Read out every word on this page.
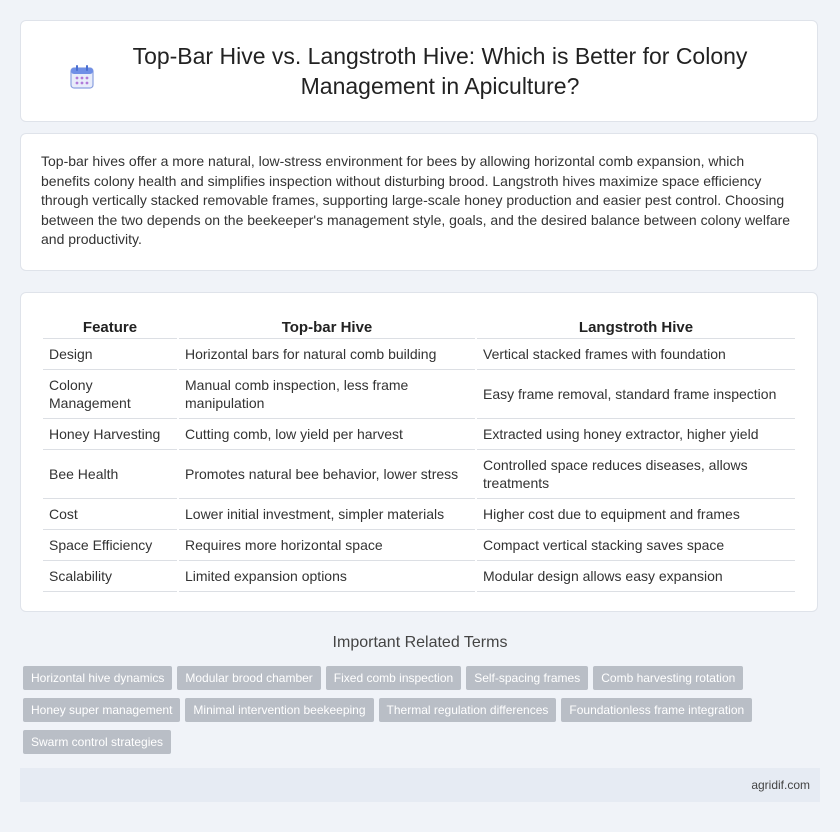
Top-Bar Hive vs. Langstroth Hive: Which is Better for Colony Management in Apiculture?

Top-bar hives offer a more natural, low-stress environment for bees by allowing horizontal comb expansion, which benefits colony health and simplifies inspection without disturbing brood. Langstroth hives maximize space efficiency through vertically stacked removable frames, supporting large-scale honey production and easier pest control. Choosing between the two depends on the beekeeper's management style, goals, and the desired balance between colony welfare and productivity.

Feature	Top-bar Hive	Langstroth Hive
Design	Horizontal bars for natural comb building	Vertical stacked frames with foundation
Colony Management	Manual comb inspection, less frame manipulation	Easy frame removal, standard frame inspection
Honey Harvesting	Cutting comb, low yield per harvest	Extracted using honey extractor, higher yield
Bee Health	Promotes natural bee behavior, lower stress	Controlled space reduces diseases, allows treatments
Cost	Lower initial investment, simpler materials	Higher cost due to equipment and frames
Space Efficiency	Requires more horizontal space	Compact vertical stacking saves space
Scalability	Limited expansion options	Modular design allows easy expansion
Important Related Terms
Horizontal hive dynamics Modular brood chamber Fixed comb inspection Self-spacing frames Comb harvesting rotation
Honey super management Minimal intervention beekeeping Thermal regulation differences Foundationless frame integration
Swarm control strategies
agridif.com
